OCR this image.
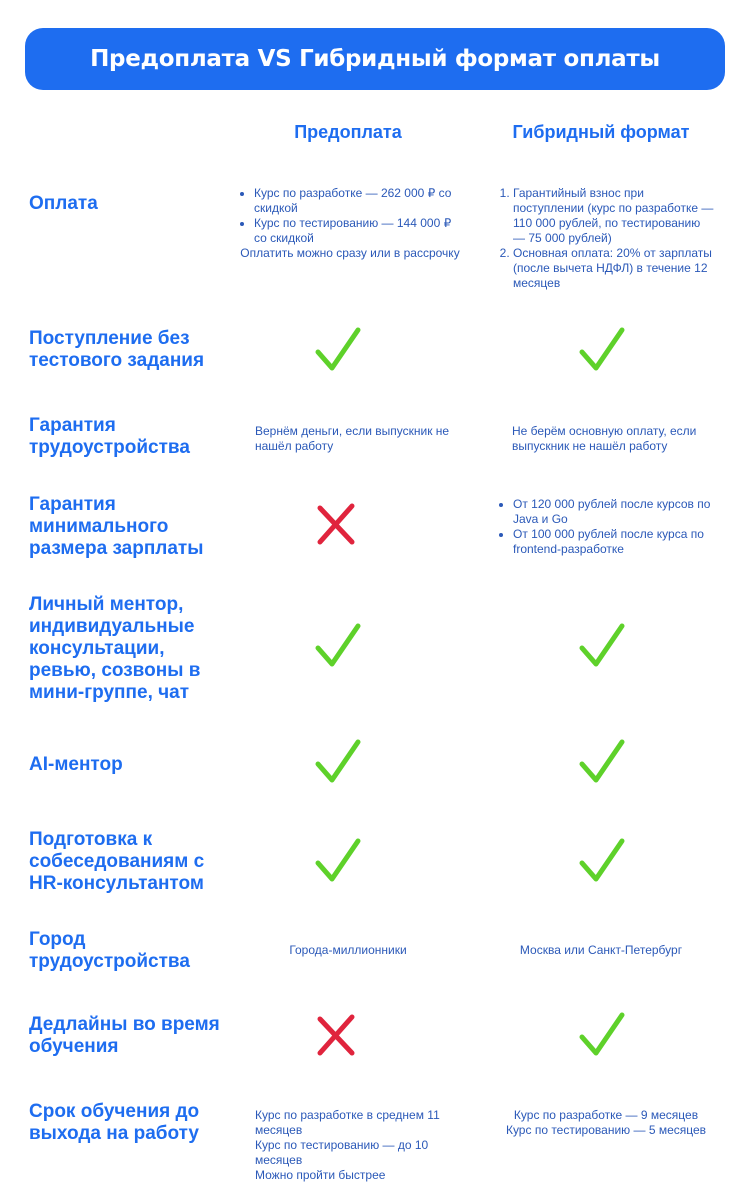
Предоплата VS Гибридный формат оплаты
Предоплата	Гибридный формат
Оплата
•	Курс по разработке — 262 000 ₽ со скидкой
• Курс по тестированию — 144 000 ₽ со скидкой
Оплатить можно сразу или в рассрочку
1. Гарантийный взнос при поступлении (курс по разработке — 110 000 рублей, по тестированию — 75 000 рублей)
2. Основная оплата: 20% от зарплаты (после вычета НДФЛ) в течение 12 месяцев
Поступление без тестового задания
Гарантия трудоустройства
Вернём деньги, если выпускник не нашёл работу
Не берём основную оплату, если выпускник не нашёл работу
Гарантия минимального размера зарплаты
• От 120 000 рублей после курсов по Java и Go
• От 100 000 рублей после курса по frontend-разработке
Личный ментор, индивидуальные консультации, ревью, созвоны в мини-группе, чат
AI-ментор
Подготовка к собеседованиям с HR-консультантом
Город трудоустройства
Города-миллионники	Москва или Санкт-Петербург
Дедлайны во время обучения
Срок обучения до выхода на работу
Курс по разработке в среднем 11 месяцев
Курс по тестированию — до 10 месяцев
Можно пройти быстрее
Курс по разработке — 9 месяцев
Курс по тестированию — 5 месяцев
